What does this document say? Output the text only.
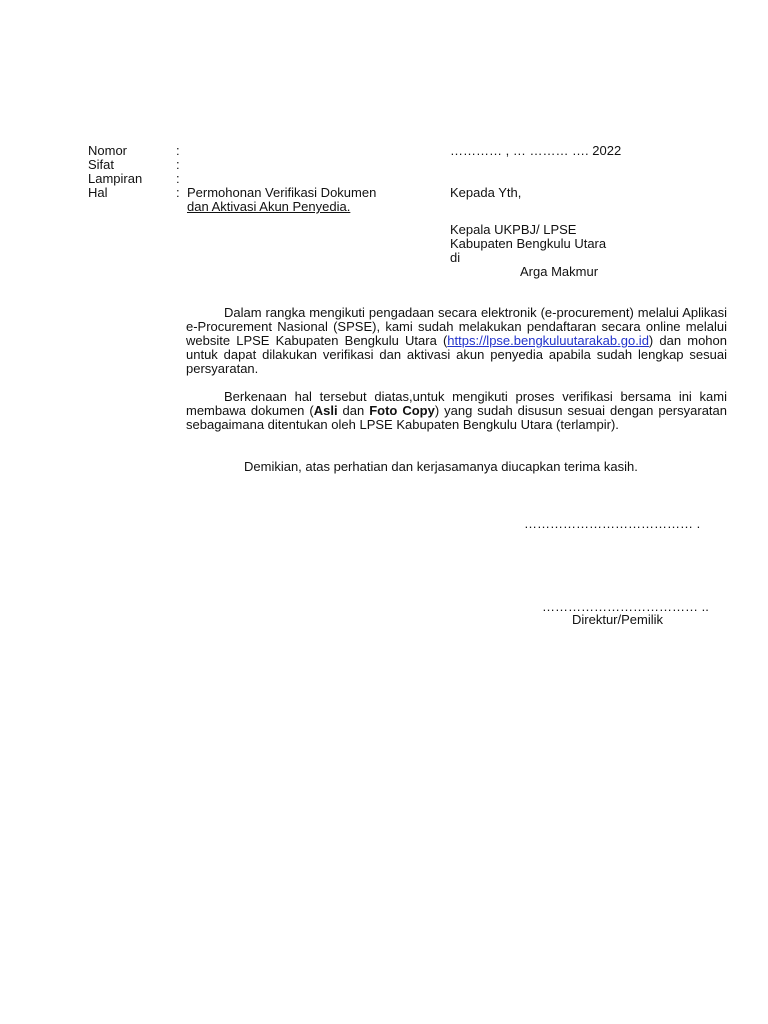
Nomor	:
Sifat	:
Lampiran	:
Hal	: Permohonan Verifikasi Dokumen
dan Aktivasi Akun Penyedia.
………… , … ……… …. 2022
Kepada Yth,
Kepala UKPBJ/ LPSE
Kabupaten Bengkulu Utara
di
Arga Makmur

Dalam rangka mengikuti pengadaan secara elektronik (e-procurement) melalui Aplikasi e-Procurement Nasional (SPSE), kami sudah melakukan pendaftaran secara online melalui website LPSE Kabupaten Bengkulu Utara (https://lpse.bengkuluutarakab.go.id) dan mohon untuk dapat dilakukan verifikasi dan aktivasi akun penyedia apabila sudah lengkap sesuai persyaratan.

Berkenaan hal tersebut diatas,untuk mengikuti proses verifikasi bersama ini kami membawa dokumen (Asli dan Foto Copy) yang sudah disusun sesuai dengan persyaratan sebagaimana ditentukan oleh LPSE Kabupaten Bengkulu Utara (terlampir).

Demikian, atas perhatian dan kerjasamanya diucapkan terima kasih.
………………………………… .
……………………………… ..
Direktur/Pemilik
